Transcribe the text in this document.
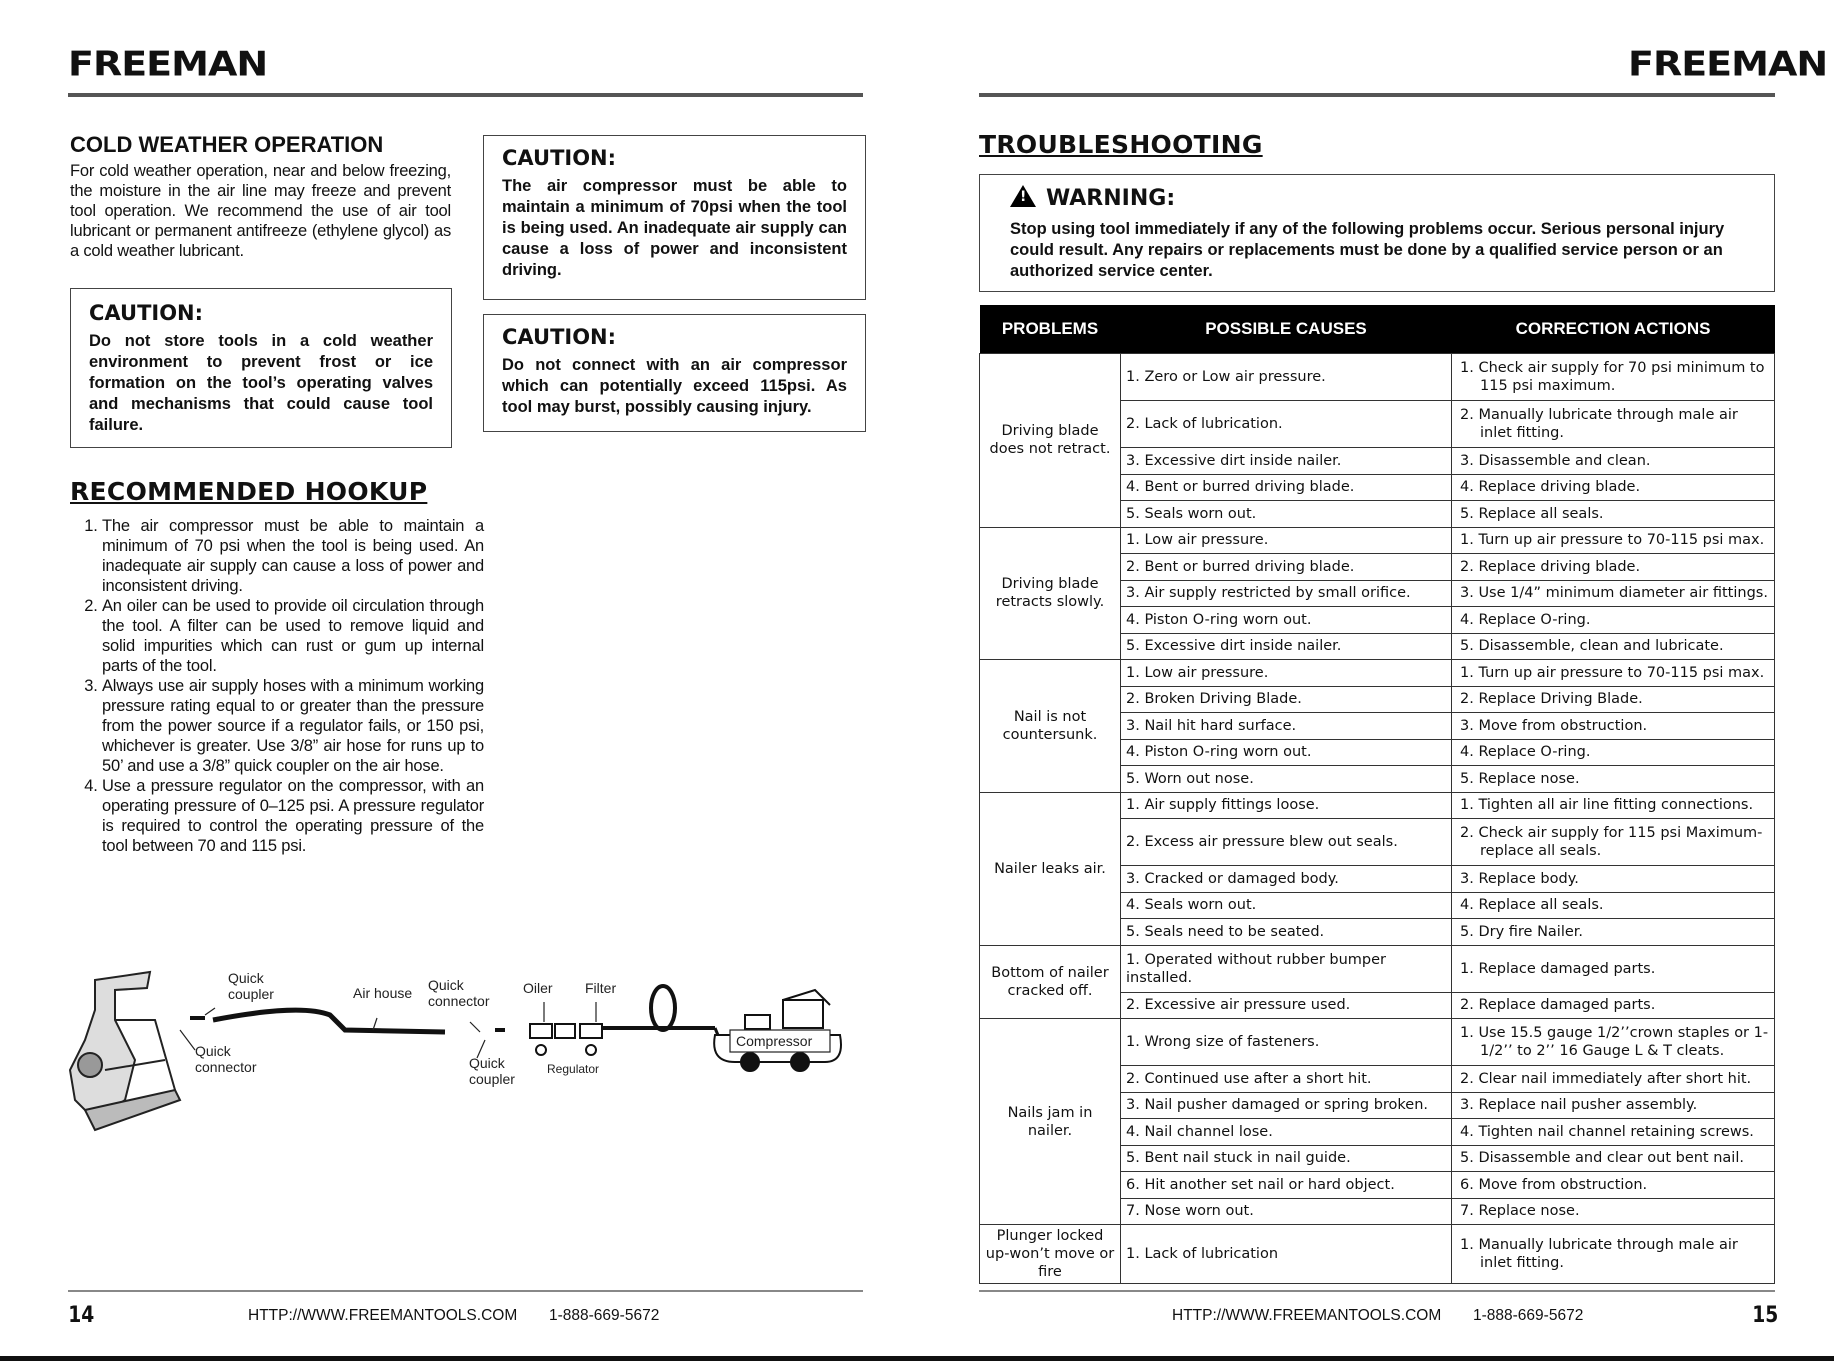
FREEMAN
COLD WEATHER OPERATION
For cold weather operation, near and below freezing, the moisture in the air line may freeze and prevent tool operation. We recommend the use of air tool lubricant or permanent antifreeze (ethylene glycol) as a cold weather lubricant.
CAUTION:
Do not store tools in a cold weather environment to prevent frost or ice formation on the tool’s operating valves and mechanisms that could cause tool failure.
CAUTION:
The air compressor must be able to maintain a minimum of 70psi when the tool is being used. An inadequate air supply can cause a loss of power and inconsistent driving.
CAUTION:
Do not connect with an air compressor which can potentially exceed 115psi. As tool may burst, possibly causing injury.
RECOMMENDED HOOKUP
1. The air compressor must be able to maintain a minimum of 70 psi when the tool is being used. An inadequate air supply can cause a loss of power and inconsistent driving.
2. An oiler can be used to provide oil circulation through the tool. A filter can be used to remove liquid and solid impurities which can rust or gum up internal parts of the tool.
3. Always use air supply hoses with a minimum working pressure rating equal to or greater than the pressure from the power source if a regulator fails, or 150 psi, whichever is greater. Use 3/8” air hose for runs up to 50’ and use a 3/8” quick coupler on the air hose.
4. Use a pressure regulator on the compressor, with an operating pressure of 0–125 psi. A pressure regulator is required to control the operating pressure of the tool between 70 and 115 psi.
Quick
coupler
Quick
connector
Air house Quick
connector
Quick
coupler
Oiler Filter
Regulator
Compressor
14	HTTP://WWW.FREEMANTOOLS.COM 1-888-669-5672
FREEMAN
TROUBLESHOOTING
!WARNING:
Stop using tool immediately if any of the following problems occur. Serious personal injury could result. Any repairs or replacements must be done by a qualified service person or an authorized service center.
PROBLEMS	POSSIBLE CAUSES	CORRECTION ACTIONS
Driving blade does not retract.	1. Zero or Low air pressure.	1. Check air supply for 70 psi minimum to 115 psi maximum.
	2. Lack of lubrication.	2. Manually lubricate through male air inlet fitting.
	3. Excessive dirt inside nailer.	3. Disassemble and clean.
	4. Bent or burred driving blade.	4. Replace driving blade.
	5. Seals worn out.	5. Replace all seals.
Driving blade retracts slowly.	1. Low air pressure.	1. Turn up air pressure to 70-115 psi max.
	2. Bent or burred driving blade.	2. Replace driving blade.
	3. Air supply restricted by small orifice.	3. Use 1/4” minimum diameter air fittings.
	4. Piston O-ring worn out.	4. Replace O-ring.
	5. Excessive dirt inside nailer.	5. Disassemble, clean and lubricate.
Nail is not countersunk.	1. Low air pressure.	1. Turn up air pressure to 70-115 psi max.
	2. Broken Driving Blade.	2. Replace Driving Blade.
	3. Nail hit hard surface.	3. Move from obstruction.
	4. Piston O-ring worn out.	4. Replace O-ring.
	5. Worn out nose.	5. Replace nose.
Nailer leaks air.	1. Air supply fittings loose.	1. Tighten all air line fitting connections.
	2. Excess air pressure blew out seals.	2. Check air supply for 115 psi Maximum- replace all seals.
	3. Cracked or damaged body.	3. Replace body.
	4. Seals worn out.	4. Replace all seals.
	5. Seals need to be seated.	5. Dry fire Nailer.
Bottom of nailer cracked off.	1. Operated without rubber bumper installed.	1. Replace damaged parts.
	2. Excessive air pressure used.	2. Replace damaged parts.
Nails jam in nailer.	1. Wrong size of fasteners.	1. Use 15.5 gauge 1/2’’crown staples or 1-1/2’’ to 2’’ 16 Gauge L & T cleats.
	2. Continued use after a short hit.	2. Clear nail immediately after short hit.
	3. Nail pusher damaged or spring broken.	3. Replace nail pusher assembly.
	4. Nail channel lose.	4. Tighten nail channel retaining screws.
	5. Bent nail stuck in nail guide.	5. Disassemble and clear out bent nail.
	6. Hit another set nail or hard object.	6. Move from obstruction.
	7. Nose worn out.	7. Replace nose.
Plunger locked up-won’t move or fire	1. Lack of lubrication	1. Manually lubricate through male air inlet fitting.
HTTP://WWW.FREEMANTOOLS.COM 1-888-669-5672	15
